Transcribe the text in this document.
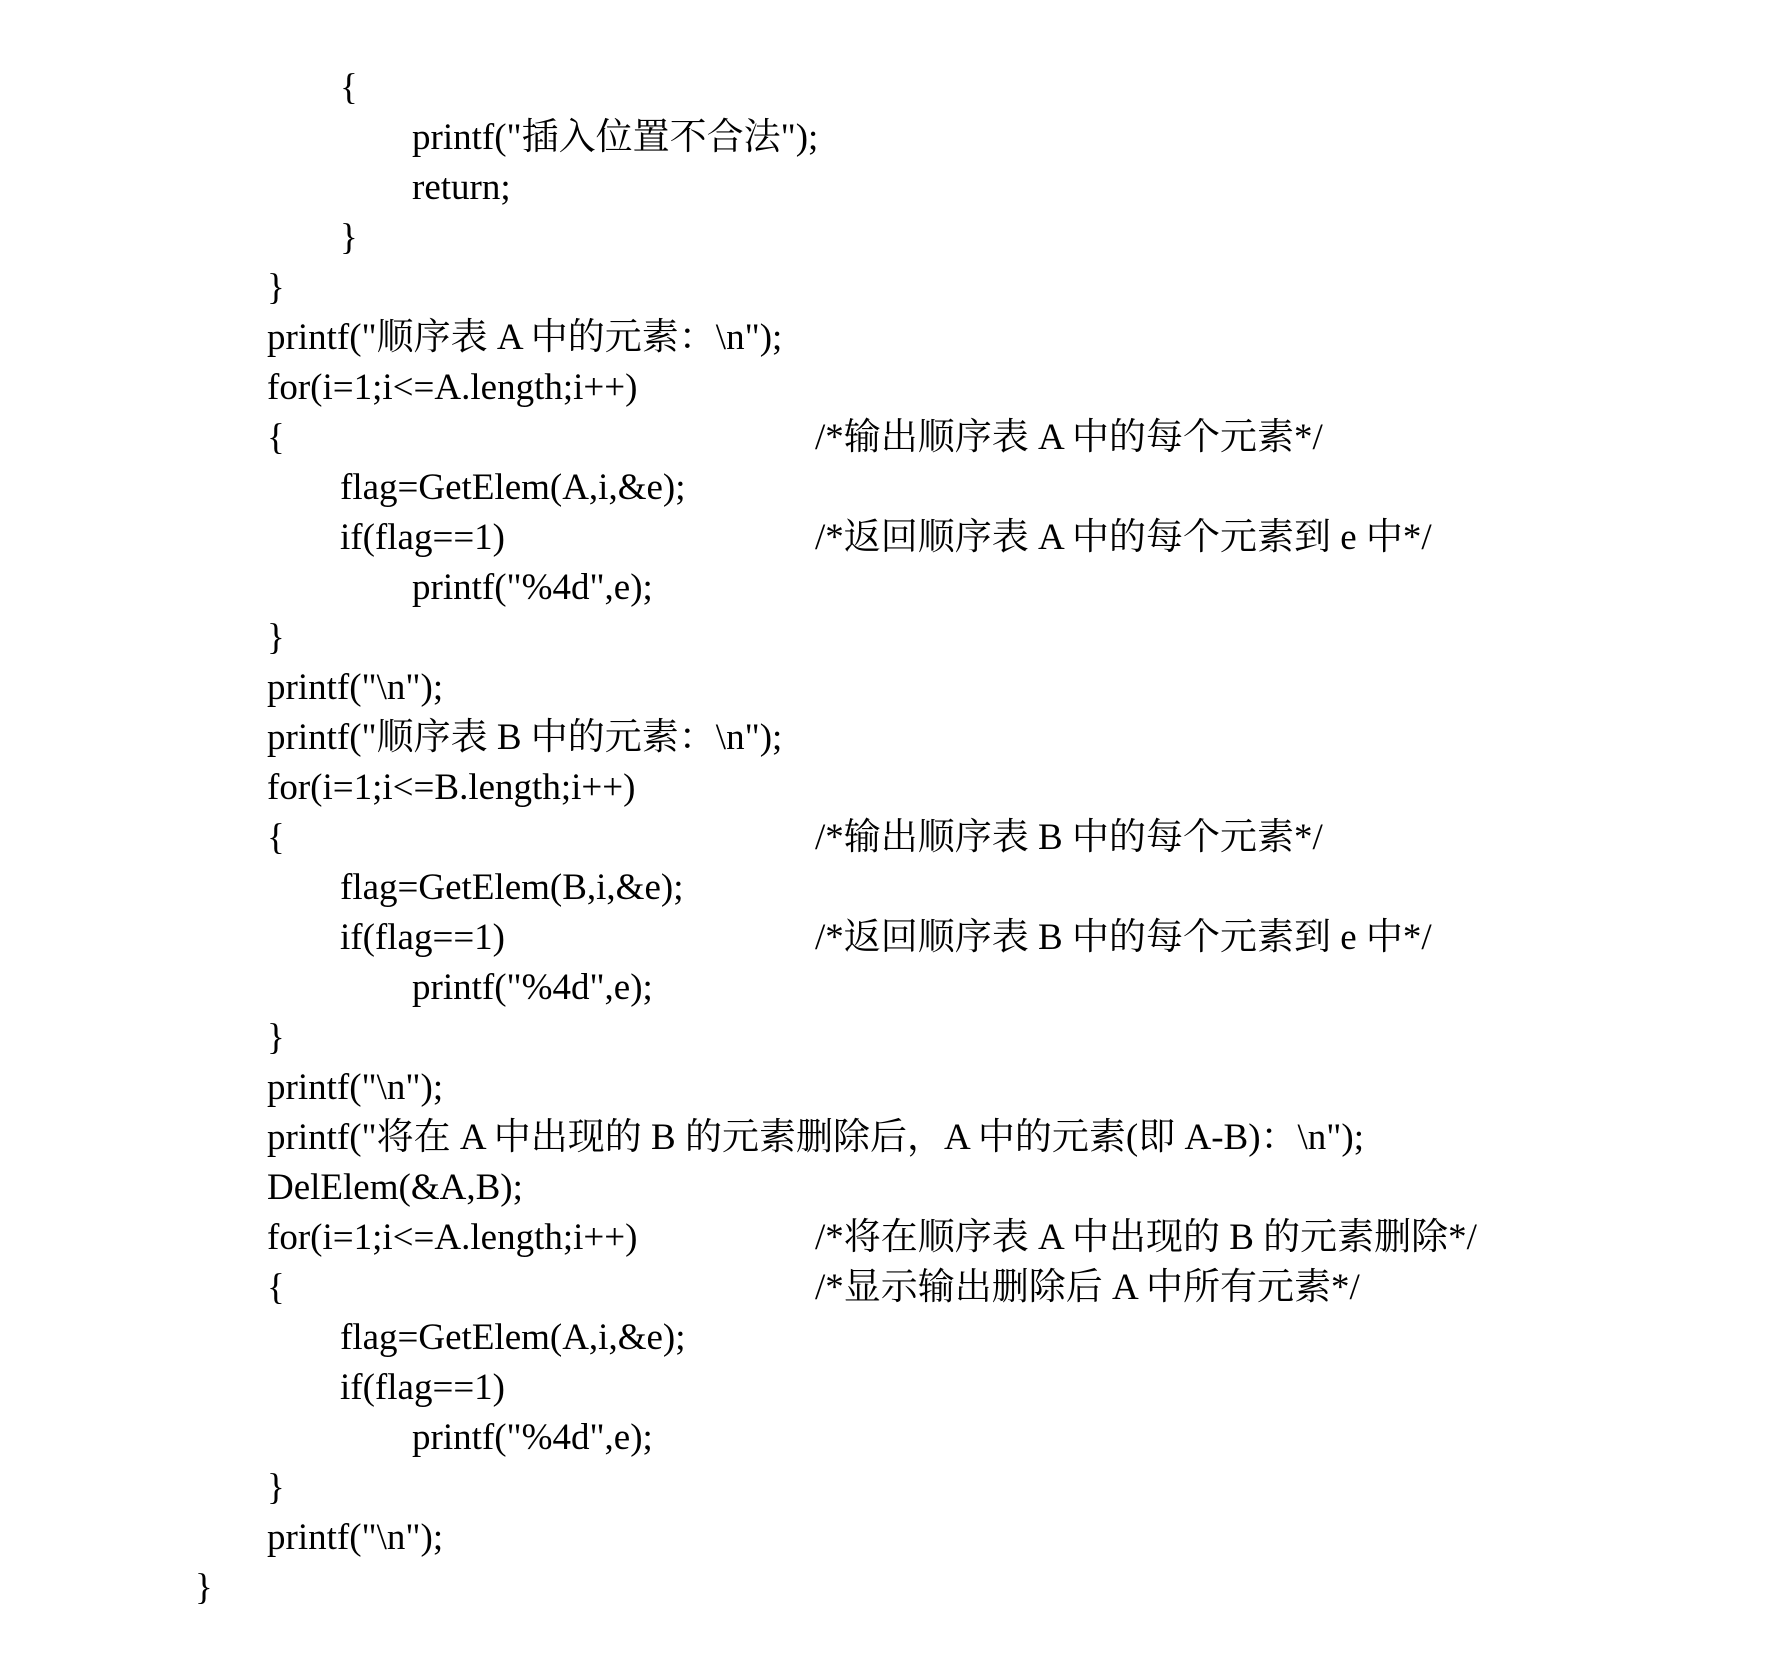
{

printf("插入位置不合法");

return;

}

}

printf("顺序表 A 中的元素：\n");

for(i=1;i<=A.length;i++)

/*输出顺序表 A 中的每个元素*/

{

flag=GetElem(A,i,&e);

/*返回顺序表 A 中的每个元素到 e 中*/

if(flag==1)

printf("%4d",e);

}

printf("\n");

printf("顺序表 B 中的元素：\n");

for(i=1;i<=B.length;i++)

/*输出顺序表 B 中的每个元素*/

{

flag=GetElem(B,i,&e);

/*返回顺序表 B 中的每个元素到 e 中*/

if(flag==1)

printf("%4d",e);

}

printf("\n");

printf("将在 A 中出现的 B 的元素删除后，A 中的元素(即 A-B)：\n");

DelElem(&A,B);

/*将在顺序表 A 中出现的 B 的元素删除*/

for(i=1;i<=A.length;i++)

/*显示输出删除后 A 中所有元素*/

{

flag=GetElem(A,i,&e);

if(flag==1)

printf("%4d",e);

}

printf("\n");

}
